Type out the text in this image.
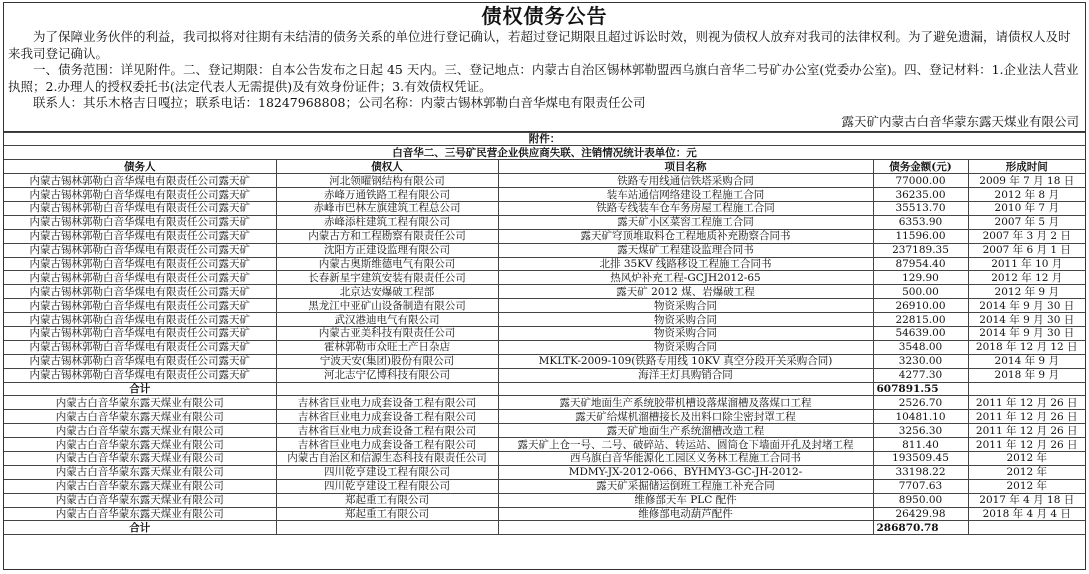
债权债务公告

为了保障业务伙伴的利益，我司拟将对往期有未结清的债务关系的单位进行登记确认，若超过登记期限且超过诉讼时效，则视为债权人放弃对我司的法律权利。为了避免遗漏，请债权人及时来我司登记确认。

一、债务范围：详见附件。二、登记期限：自本公告发布之日起 45 天内。三、登记地点：内蒙古自治区锡林郭勒盟西乌旗白音华二号矿办公室(党委办公室)。四、登记材料：1.企业法人营业执照；2.办理人的授权委托书(法定代表人无需提供)及有效身份证件；3.有效债权凭证。

联系人：其乐木格吉日嘎拉；联系电话：18247968808；公司名称：内蒙古锡林郭勒白音华煤电有限责任公司

露天矿内蒙古白音华蒙东露天煤业有限公司
附件：				
白音华二、三号矿民营企业供应商失联、注销情况统计表单位：元				
债务人	债权人	项目名称	债务金额(元)	形成时间
内蒙古锡林郭勒白音华煤电有限责任公司露天矿	河北领曜钢结构有限公司	铁路专用线通信铁塔采购合同	77000.00	2009 年 7 月 18 日
内蒙古锡林郭勒白音华煤电有限责任公司露天矿	赤峰万通铁路工程有限公司	装车站通信网络建设工程施工合同	36235.00	2012 年 8 月
内蒙古锡林郭勒白音华煤电有限责任公司露天矿	赤峰市巴林左旗建筑工程总公司	铁路专线装车仓车务房屋工程施工合同	35513.70	2010 年 7 月
内蒙古锡林郭勒白音华煤电有限责任公司露天矿	赤峰添柱建筑工程有限公司	露天矿小区菜窖工程施工合同	6353.90	2007 年 5 月
内蒙古锡林郭勒白音华煤电有限责任公司露天矿	内蒙古方和工程勘察有限责任公司	露天矿穹顶堆取料仓工程地质补充勘察合同书	11596.00	2007 年 3 月 2 日
内蒙古锡林郭勒白音华煤电有限责任公司露天矿	沈阳方正建设监理有限公司	露天煤矿工程建设监理合同书	237189.35	2007 年 6 月 1 日
内蒙古锡林郭勒白音华煤电有限责任公司露天矿	内蒙古奥斯维德电气有限公司	北排 35KV 线路移设工程施工合同书	87954.40	2011 年 10 月
内蒙古锡林郭勒白音华煤电有限责任公司露天矿	长春新星宇建筑安装有限责任公司	热风炉补充工程-GCJH2012-65	129.90	2012 年 12 月
内蒙古锡林郭勒白音华煤电有限责任公司露天矿	北京达安爆破工程部	露天矿 2012 煤、岩爆破工程	500.00	2012 年 9 月
内蒙古锡林郭勒白音华煤电有限责任公司露天矿	黑龙江中亚矿山设备制造有限公司	物资采购合同	26910.00	2014 年 9 月 30 日
内蒙古锡林郭勒白音华煤电有限责任公司露天矿	武汉港迪电气有限公司	物资采购合同	22815.00	2014 年 9 月 30 日
内蒙古锡林郭勒白音华煤电有限责任公司露天矿	内蒙古亚美科技有限责任公司	物资采购合同	54639.00	2014 年 9 月 30 日
内蒙古锡林郭勒白音华煤电有限责任公司露天矿	霍林郭勒市众旺土产日杂店	物资采购合同	3548.00	2018 年 12 月 12 日
内蒙古锡林郭勒白音华煤电有限责任公司露天矿	宁波天安(集团)股份有限公司	MKLTK-2009-109(铁路专用线 10KV 真空分段开关采购合同)	3230.00	2014 年 9 月
内蒙古锡林郭勒白音华煤电有限责任公司露天矿	河北志宁亿博科技有限公司	海洋王灯具购销合同	4277.30	2018 年 9 月
合计			607891.55	
内蒙古白音华蒙东露天煤业有限公司	吉林省巨业电力成套设备工程有限公司	露天矿地面生产系统胶带机槽设落煤溜槽及落煤口工程	2526.70	2011 年 12 月 26 日
内蒙古白音华蒙东露天煤业有限公司	吉林省巨业电力成套设备工程有限公司	露天矿给煤机溜槽接长及出料口除尘密封罩工程	10481.10	2011 年 12 月 26 日
内蒙古白音华蒙东露天煤业有限公司	吉林省巨业电力成套设备工程有限公司	露天矿地面生产系统溜槽改造工程	3256.30	2011 年 12 月 26 日
内蒙古白音华蒙东露天煤业有限公司	吉林省巨业电力成套设备工程有限公司	露天矿上仓一号、二号、破碎站、转运站、圆筒仓下墙面开孔及封堵工程	811.40	2011 年 12 月 26 日
内蒙古白音华蒙东露天煤业有限公司	内蒙古自治区和信源生态科技有限责任公司	西乌旗白音华能源化工园区义务林工程施工合同书	193509.45	2012 年
内蒙古白音华蒙东露天煤业有限公司	四川乾亨建设工程有限公司	MDMY-JX-2012-066、BYHMY3-GC-JH-2012-	33198.22	2012 年
内蒙古白音华蒙东露天煤业有限公司	四川乾亨建设工程有限公司	露天矿采掘储运倒班工程施工补充合同	7707.63	2012 年
内蒙古白音华蒙东露天煤业有限公司	郑起重工有限公司	维修部天车 PLC 配件	8950.00	2017 年 4 月 18 日
内蒙古白音华蒙东露天煤业有限公司	郑起重工有限公司	维修部电动葫芦配件	26429.98	2018 年 4 月 4 日
合计			286870.78	
